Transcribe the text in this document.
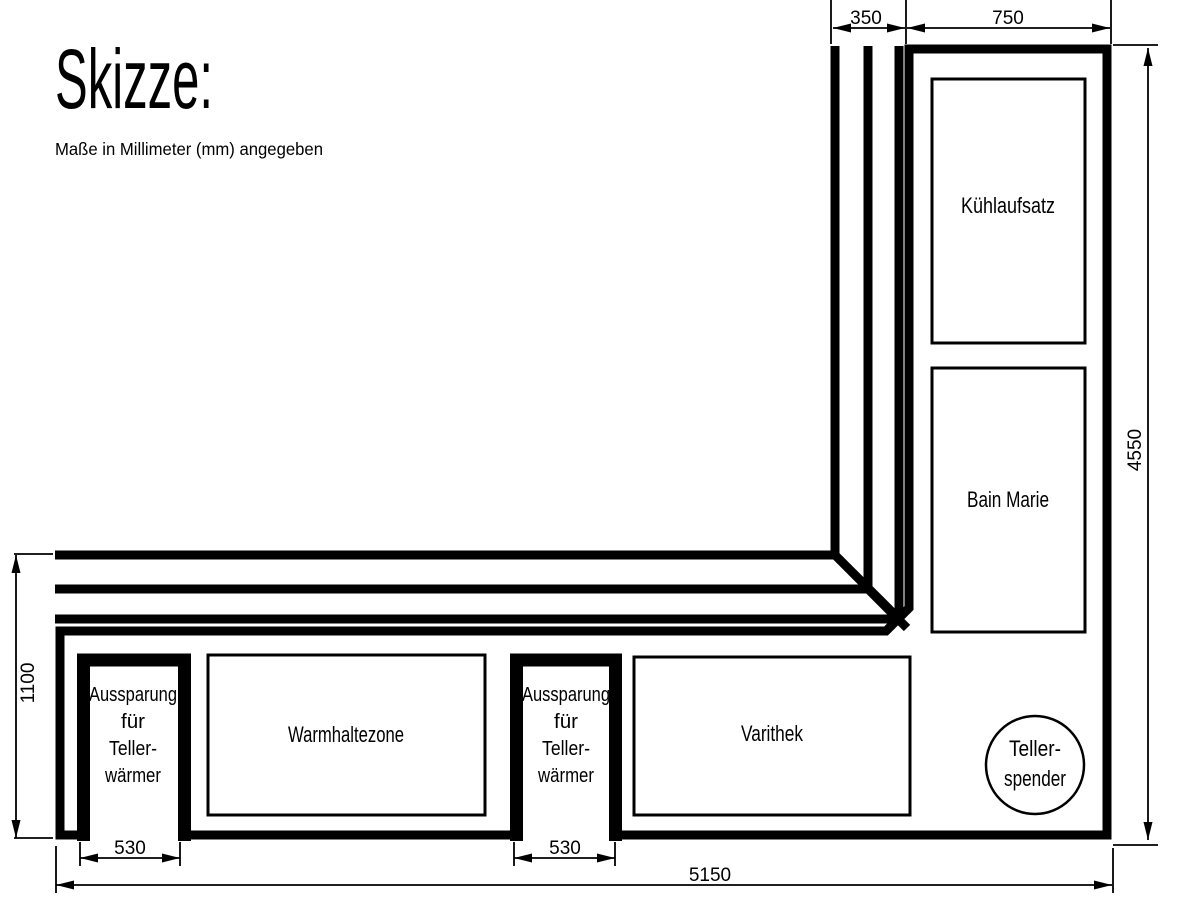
Skizze:
Maße in Millimeter (mm) angegeben
Aussparung
für
Teller-
wärmer
Aussparung
für
Teller-
wärmer
Kühlaufsatz
Bain Marie
Warmhaltezone	Varithek
Teller-
spender
350	750
4550
1100
530	530
5150
